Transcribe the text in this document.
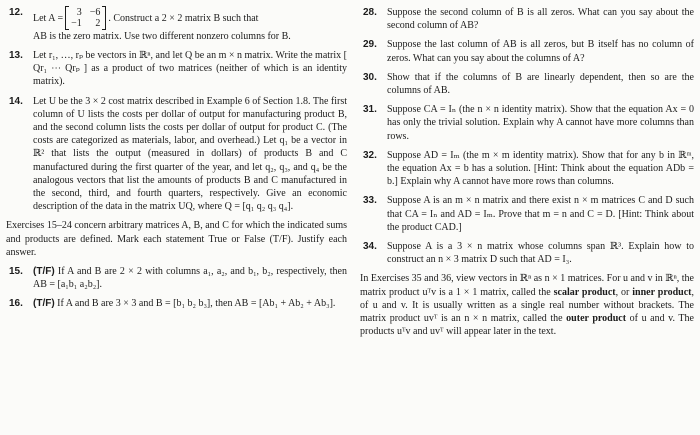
12.	Let A =	3 −6
−1	2 . Construct a 2 × 2 matrix B such that
AB is the zero matrix. Use two different nonzero columns for B.
13.	Let r₁, …, rₚ be vectors in ℝⁿ, and let Q be an m × n matrix. Write the matrix [ Qr₁ ⋯ Qrₚ ] as a product of two matrices (neither of which is an identity matrix).
14.	Let U be the 3 × 2 cost matrix described in Example 6 of Section 1.8. The first column of U lists the costs per dollar of output for manufacturing product B, and the second column lists the costs per dollar of output for product C. (The costs are categorized as materials, labor, and overhead.) Let q₁ be a vector in ℝ² that lists the output (measured in dollars) of products B and C manufactured during the first quarter of the year, and let q₂, q₃, and q₄ be the analogous vectors that list the amounts of products B and C manufactured in the second, third, and fourth quarters, respectively. Give an economic description of the data in the matrix UQ, where Q = [q₁ q₂ q₃ q₄].
Exercises 15–24 concern arbitrary matrices A, B, and C for which the indicated sums and products are defined. Mark each statement True or False (T/F). Justify each answer.
15.	(T/F) If A and B are 2 × 2 with columns a₁, a₂, and b₁, b₂, respectively, then AB = [a₁b₁ a₂b₂].
16.	(T/F) If A and B are 3 × 3 and B = [b₁ b₂ b₃], then AB = [Ab₁ + Ab₂ + Ab₃].
28.	Suppose the second column of B is all zeros. What can you say about the second column of AB?
29.	Suppose the last column of AB is all zeros, but B itself has no column of zeros. What can you say about the columns of A?
30.	Show that if the columns of B are linearly dependent, then so are the columns of AB.
31.	Suppose CA = Iₙ (the n × n identity matrix). Show that the equation Ax = 0 has only the trivial solution. Explain why A cannot have more columns than rows.
32.	Suppose AD = Iₘ (the m × m identity matrix). Show that for any b in ℝᵐ, the equation Ax = b has a solution. [Hint: Think about the equation ADb = b.] Explain why A cannot have more rows than columns.
33.	Suppose A is an m × n matrix and there exist n × m matrices C and D such that CA = Iₙ and AD = Iₘ. Prove that m = n and C = D. [Hint: Think about the product CAD.]
34.	Suppose A is a 3 × n matrix whose columns span ℝ³. Explain how to construct an n × 3 matrix D such that AD = I₃.
In Exercises 35 and 36, view vectors in ℝⁿ as n × 1 matrices. For u and v in ℝⁿ, the matrix product uᵀv is a 1 × 1 matrix, called the scalar product, or inner product, of u and v. It is usually written as a single real number without brackets. The matrix product uvᵀ is an n × n matrix, called the outer product of u and v. The products uᵀv and uvᵀ will appear later in the text.
